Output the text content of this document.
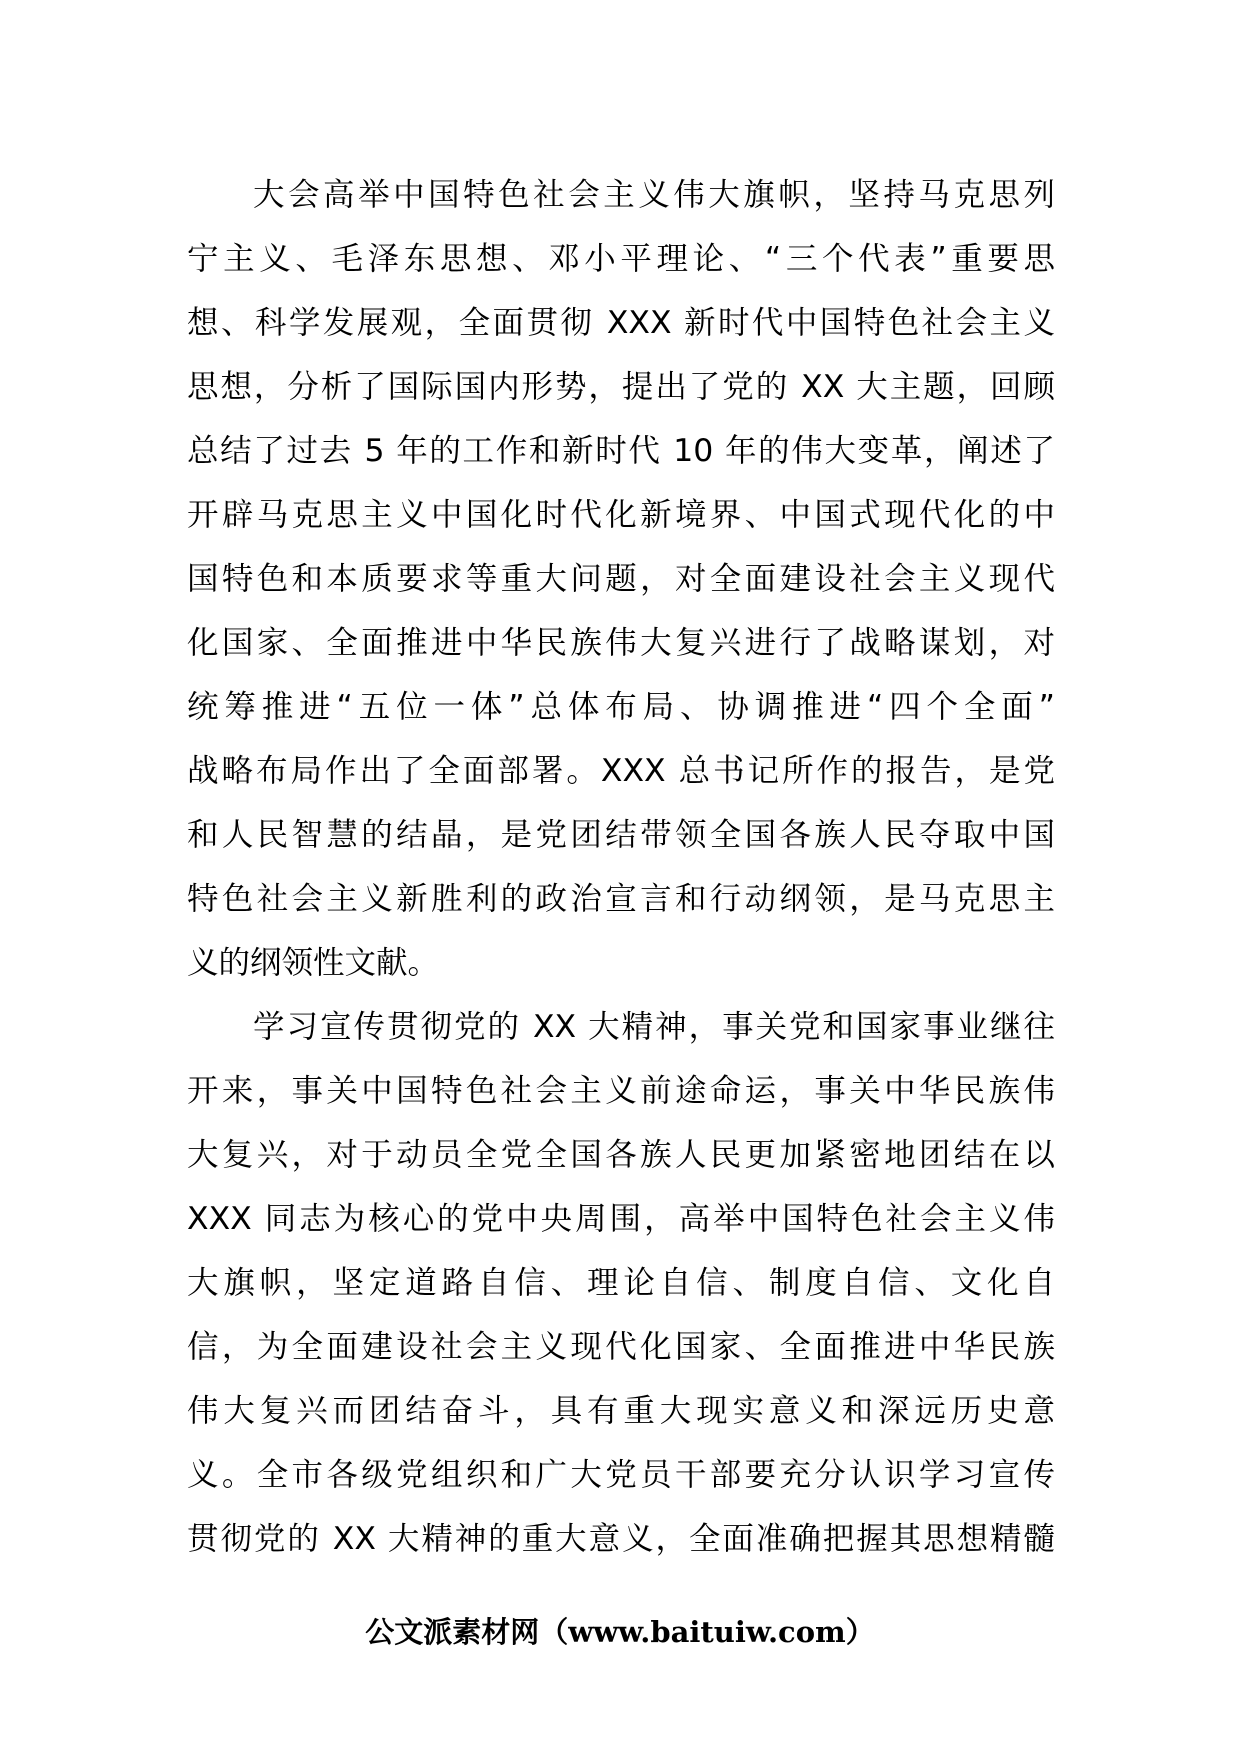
大会高举中国特色社会主义伟大旗帜，坚持马克思列
宁主义、毛泽东思想、邓小平理论、“三个代表”重要思
想、科学发展观，全面贯彻 XXX 新时代中国特色社会主义
思想，分析了国际国内形势，提出了党的 XX 大主题，回顾
总结了过去 5 年的工作和新时代 10 年的伟大变革，阐述了
开辟马克思主义中国化时代化新境界、中国式现代化的中
国特色和本质要求等重大问题，对全面建设社会主义现代
化国家、全面推进中华民族伟大复兴进行了战略谋划，对
统筹推进“五位一体”总体布局、协调推进“四个全面”
战略布局作出了全面部署。XXX 总书记所作的报告，是党
和人民智慧的结晶，是党团结带领全国各族人民夺取中国
特色社会主义新胜利的政治宣言和行动纲领，是马克思主
义的纲领性文献。
学习宣传贯彻党的 XX 大精神，事关党和国家事业继往
开来，事关中国特色社会主义前途命运，事关中华民族伟
大复兴，对于动员全党全国各族人民更加紧密地团结在以
XXX 同志为核心的党中央周围，高举中国特色社会主义伟
大旗帜，坚定道路自信、理论自信、制度自信、文化自
信，为全面建设社会主义现代化国家、全面推进中华民族
伟大复兴而团结奋斗，具有重大现实意义和深远历史意
义。全市各级党组织和广大党员干部要充分认识学习宣传
贯彻党的 XX 大精神的重大意义，全面准确把握其思想精髓
公文派素材网（www.baituiw.com）
